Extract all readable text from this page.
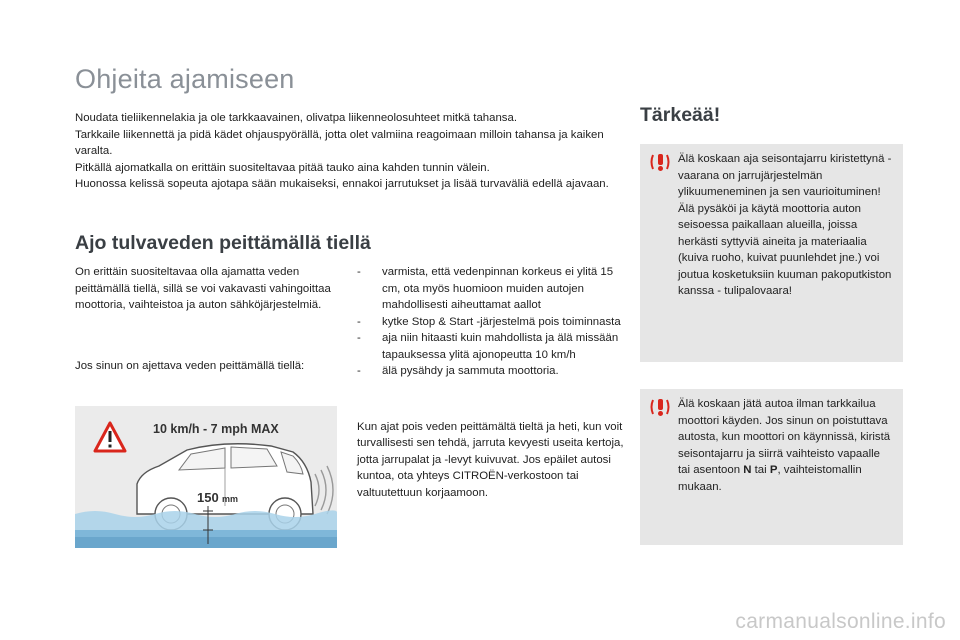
Ohjeita ajamiseen

Noudata tieliikennelakia ja ole tarkkaavainen, olivatpa liikenneolosuhteet mitkä tahansa.

Tarkkaile liikennettä ja pidä kädet ohjauspyörällä, jotta olet valmiina reagoimaan milloin tahansa ja kaiken varalta.

Pitkällä ajomatkalla on erittäin suositeltavaa pitää tauko aina kahden tunnin välein.

Huonossa kelissä sopeuta ajotapa sään mukaiseksi, ennakoi jarrutukset ja lisää turvaväliä edellä ajavaan.

Ajo tulvaveden peittämällä tiellä

On erittäin suositeltavaa olla ajamatta veden peittämällä tiellä, sillä se voi vakavasti vahingoittaa moottoria, vaihteistoa ja auton sähköjärjestelmiä.

Jos sinun on ajettava veden peittämällä tiellä:

10 km/h - 7 mph MAX
150 mm
- varmista, että vedenpinnan korkeus ei ylitä 15 cm, ota myös huomioon muiden autojen mahdollisesti aiheuttamat aallot
- kytke Stop & Start -järjestelmä pois toiminnasta
- aja niin hitaasti kuin mahdollista ja älä missään tapauksessa ylitä ajonopeutta 10 km/h
- älä pysähdy ja sammuta moottoria.

Kun ajat pois veden peittämältä tieltä ja heti, kun voit turvallisesti sen tehdä, jarruta kevyesti useita kertoja, jotta jarrupalat ja -levyt kuivuvat. Jos epäilet autosi kuntoa, ota yhteys CITROËN-verkostoon tai valtuutettuun korjaamoon.

Tärkeää!

Älä koskaan aja seisontajarru kiristettynä - vaarana on jarrujärjestelmän ylikuumeneminen ja sen vaurioituminen!

Älä pysäköi ja käytä moottoria auton seisoessa paikallaan alueilla, joissa herkästi syttyviä aineita ja materiaalia (kuiva ruoho, kuivat puunlehdet jne.) voi joutua kosketuksiin kuuman pakoputkiston kanssa - tulipalovaara!

Älä koskaan jätä autoa ilman tarkkailua moottori käyden. Jos sinun on poistuttava autosta, kun moottori on käynnissä, kiristä seisontajarru ja siirrä vaihteisto vapaalle tai asentoon N tai P, vaihteistomallin mukaan.

carmanualsonline.info
